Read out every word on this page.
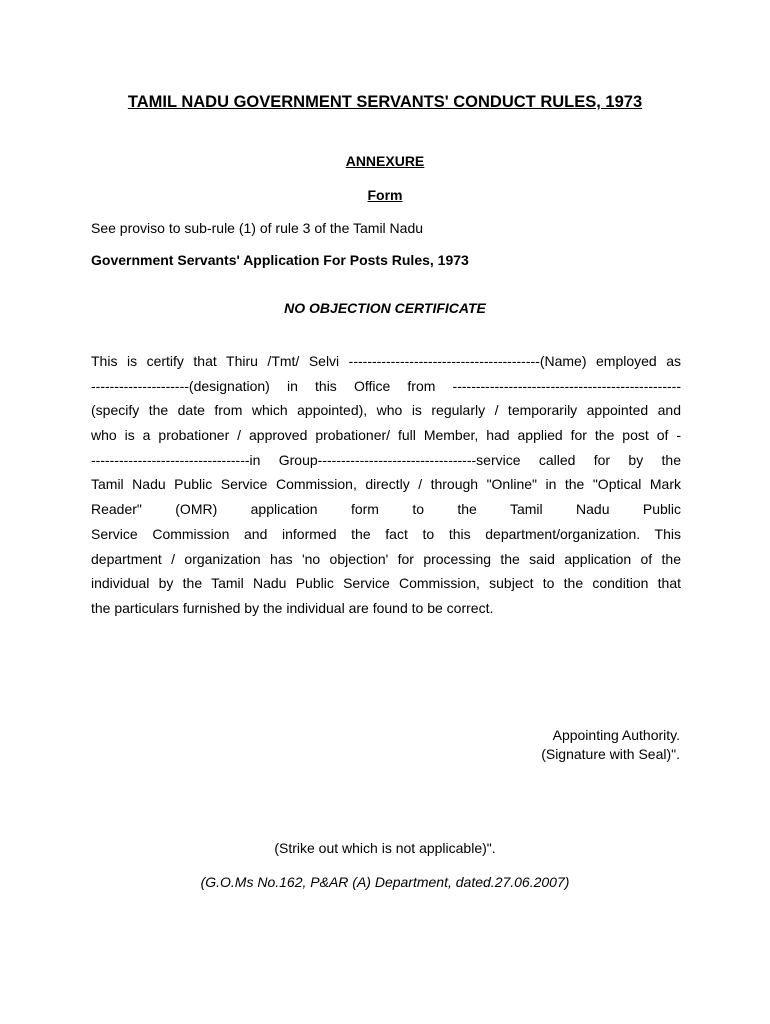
TAMIL NADU GOVERNMENT SERVANTS' CONDUCT RULES, 1973
ANNEXURE
Form
See proviso to sub-rule (1) of rule 3 of the Tamil Nadu
Government Servants' Application For Posts Rules, 1973
NO OBJECTION CERTIFICATE
This is certify that Thiru /Tmt/ Selvi -----------------------------------------(Name) employed as
---------------------(designation) in this Office from -------------------------------------------------
(specify the date from which appointed), who is regularly / temporarily appointed and
who is a probationer / approved probationer/ full Member, had applied for the post of -
----------------------------------in Group----------------------------------service called for by the
Tamil Nadu Public Service Commission, directly / through "Online" in the "Optical Mark
Reader" (OMR) application form to the Tamil Nadu Public
Service Commission and informed the fact to this department/organization. This
department / organization has 'no objection' for processing the said application of the
individual by the Tamil Nadu Public Service Commission, subject to the condition that
the particulars furnished by the individual are found to be correct.
Appointing Authority.
(Signature with Seal)".
(Strike out which is not applicable)".
(G.O.Ms No.162, P&AR (A) Department, dated.27.06.2007)
